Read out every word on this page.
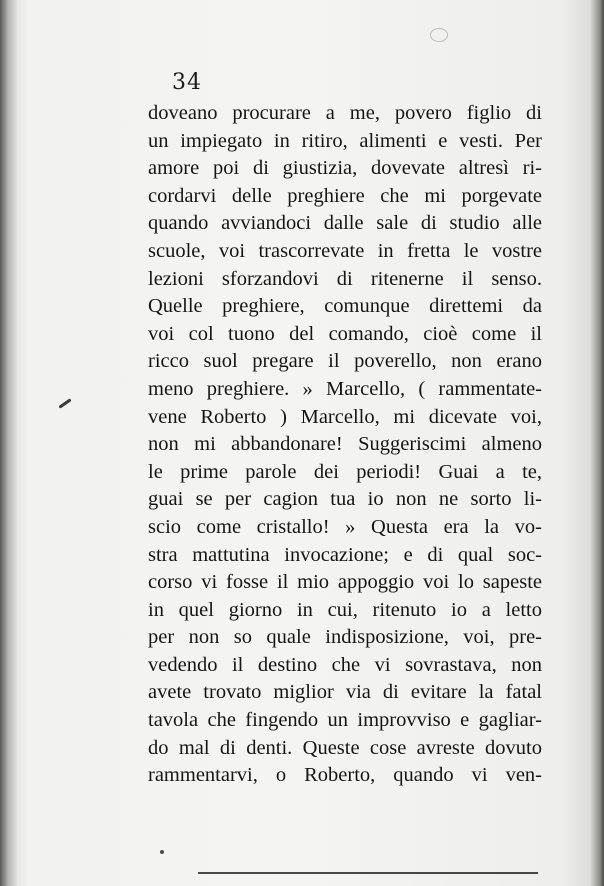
34
doveano procurare a me, povero figlio di
un impiegato in ritiro, alimenti e vesti. Per
amore poi di giustizia, dovevate altresì ri-
cordarvi delle preghiere che mi porgevate
quando avviandoci dalle sale di studio alle
scuole, voi trascorrevate in fretta le vostre
lezioni sforzandovi di ritenerne il senso.
Quelle preghiere, comunque direttemi da
voi col tuono del comando, cioè come il
ricco suol pregare il poverello, non erano
meno preghiere. » Marcello, ( rammentate-
vene Roberto ) Marcello, mi dicevate voi,
non mi abbandonare! Suggeriscimi almeno
le prime parole dei periodi! Guai a te,
guai se per cagion tua io non ne sorto li-
scio come cristallo! » Questa era la vo-
stra mattutina invocazione; e di qual soc-
corso vi fosse il mio appoggio voi lo sapeste
in quel giorno in cui, ritenuto io a letto
per non so quale indisposizione, voi, pre-
vedendo il destino che vi sovrastava, non
avete trovato miglior via di evitare la fatal
tavola che fingendo un improvviso e gagliar-
do mal di denti. Queste cose avreste dovuto
rammentarvi, o Roberto, quando vi ven-
